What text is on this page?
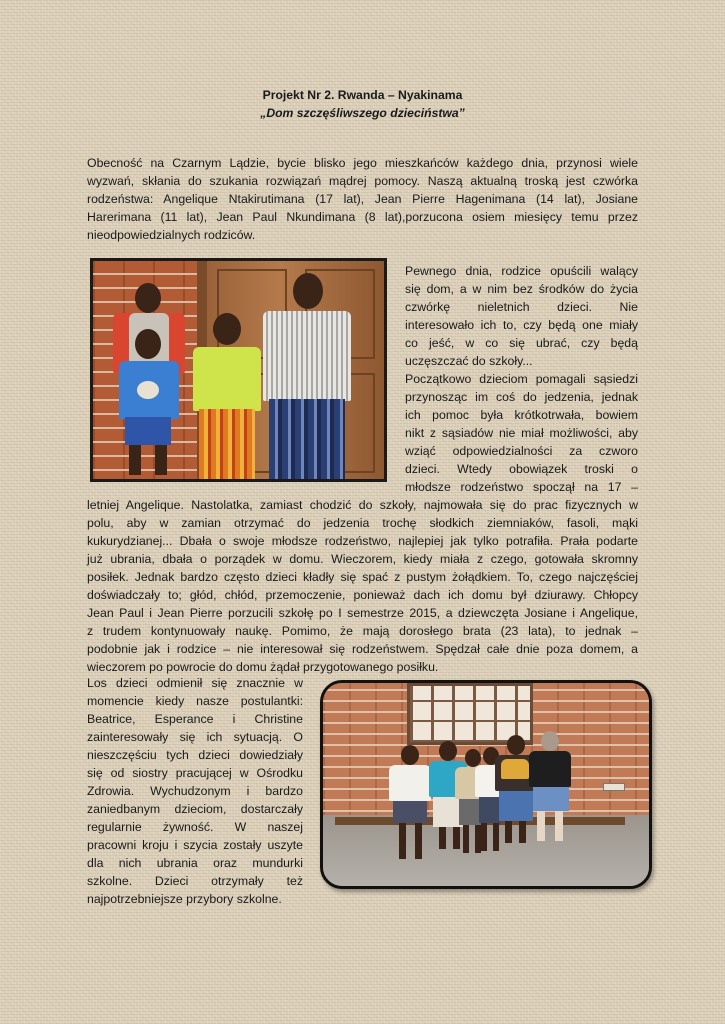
Projekt Nr 2. Rwanda – Nyakinama
„Dom szczęśliwszego dzieciństwa”
Obecność na Czarnym Lądzie, bycie blisko jego mieszkańców każdego dnia, przynosi wiele
wyzwań, skłania do szukania rozwiązań mądrej pomocy. Naszą aktualną troską jest czwórka
rodzeństwa: Angelique Ntakirutimana (17 lat), Jean Pierre Hagenimana (14 lat), Josiane
Harerimana (11 lat), Jean Paul Nkundimana (8 lat),porzucona osiem miesięcy temu przez
nieodpowiedzialnych rodziców.
Pewnego dnia, rodzice opuścili walący
się dom, a w nim bez środków do życia
czwórkę nieletnich dzieci. Nie
interesowało ich to, czy będą one miały
co jeść, w co się ubrać, czy będą
uczęszczać do szkoły...
Początkowo dzieciom pomagali sąsiedzi
przynosząc im coś do jedzenia, jednak
ich pomoc była krótkotrwała, bowiem
nikt z sąsiadów nie miał możliwości, aby
wziąć odpowiedzialności za czworo
dzieci. Wtedy obowiązek troski o
młodsze rodzeństwo spoczął na 17 –
letniej Angelique. Nastolatka, zamiast chodzić do szkoły, najmowała się do prac fizycznych w
polu, aby w zamian otrzymać do jedzenia trochę słodkich ziemniaków, fasoli, mąki
kukurydzianej... Dbała o swoje młodsze rodzeństwo, najlepiej jak tylko potrafiła. Prała podarte
już ubrania, dbała o porządek w domu. Wieczorem, kiedy miała z czego, gotowała skromny
posiłek. Jednak bardzo często dzieci kładły się spać z pustym żołądkiem. To, czego najczęściej
doświadczały to; głód, chłód, przemoczenie, ponieważ dach ich domu był dziurawy. Chłopcy
Jean Paul i Jean Pierre porzucili szkołę po I semestrze 2015, a dziewczęta Josiane i Angelique,
z trudem kontynuowały naukę. Pomimo, że mają dorosłego brata (23 lata), to jednak –
podobnie jak i rodzice – nie interesował się rodzeństwem. Spędzał całe dnie poza domem, a
wieczorem po powrocie do domu żądał przygotowanego posiłku.
Los dzieci odmienił się znacznie w
momencie kiedy nasze postulantki:
Beatrice, Esperance i Christine
zainteresowały się ich sytuacją. O
nieszczęściu tych dzieci dowiedziały
się od siostry pracującej w Ośrodku
Zdrowia. Wychudzonym i bardzo
zaniedbanym dzieciom, dostarczały
regularnie żywność. W naszej
pracowni kroju i szycia zostały uszyte
dla nich ubrania oraz mundurki
szkolne. Dzieci otrzymały też
najpotrzebniejsze przybory szkolne.
